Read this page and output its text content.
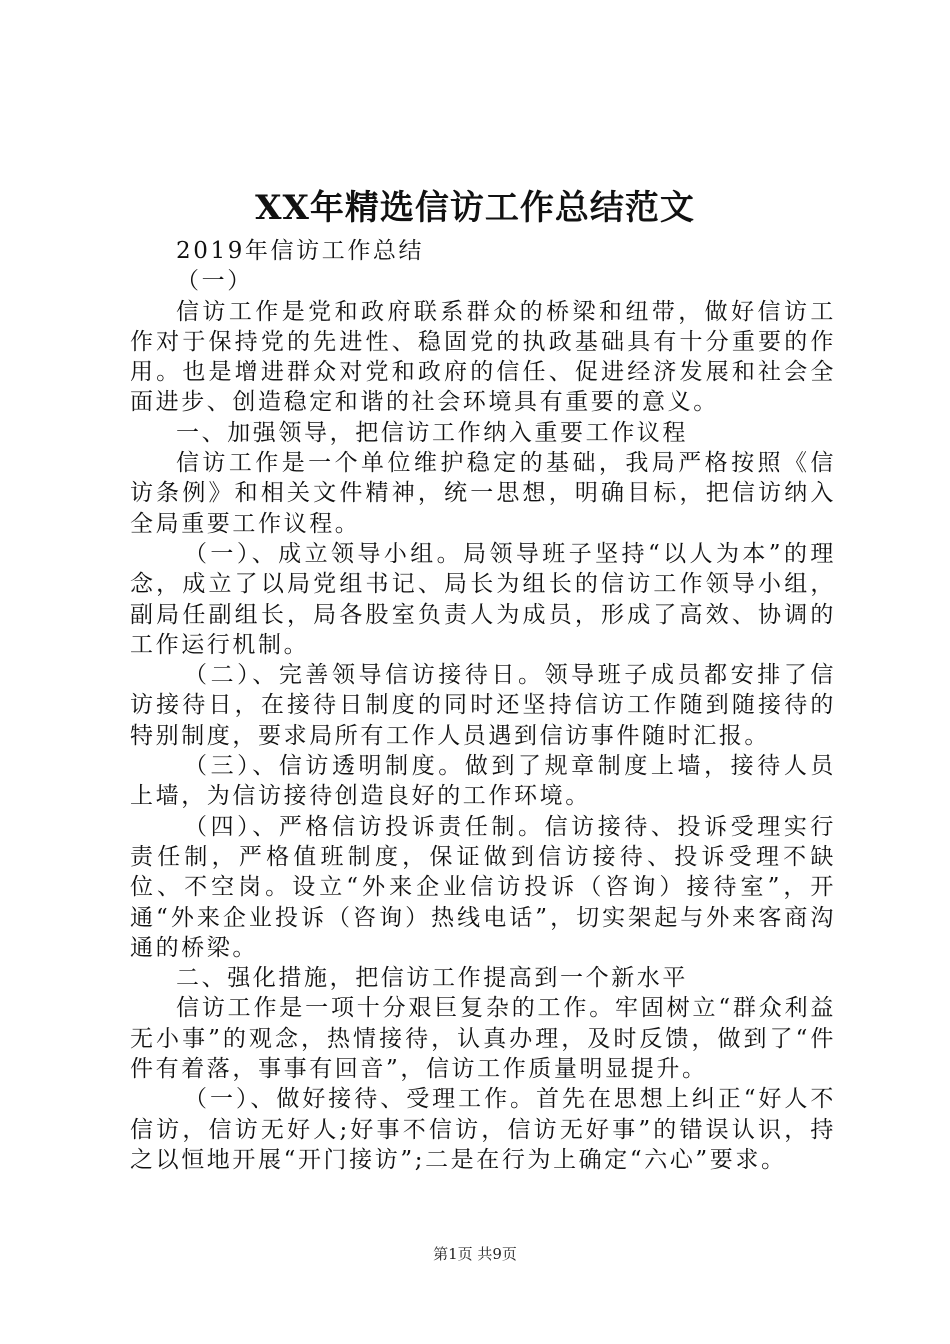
XX年精选信访工作总结范文

2019年信访工作总结

（一）

信访工作是党和政府联系群众的桥梁和纽带，做好信访工作对于保持党的先进性、稳固党的执政基础具有十分重要的作用。也是增进群众对党和政府的信任、促进经济发展和社会全面进步、创造稳定和谐的社会环境具有重要的意义。

一、加强领导，把信访工作纳入重要工作议程

信访工作是一个单位维护稳定的基础，我局严格按照《信访条例》和相关文件精神，统一思想，明确目标，把信访纳入全局重要工作议程。

（一）、成立领导小组。局领导班子坚持“以人为本”的理念，成立了以局党组书记、局长为组长的信访工作领导小组，副局任副组长，局各股室负责人为成员，形成了高效、协调的工作运行机制。

（二）、完善领导信访接待日。领导班子成员都安排了信访接待日，在接待日制度的同时还坚持信访工作随到随接待的特别制度，要求局所有工作人员遇到信访事件随时汇报。

（三）、信访透明制度。做到了规章制度上墙，接待人员上墙，为信访接待创造良好的工作环境。

（四）、严格信访投诉责任制。信访接待、投诉受理实行责任制，严格值班制度，保证做到信访接待、投诉受理不缺位、不空岗。设立“外来企业信访投诉（咨询）接待室”，开通“外来企业投诉（咨询）热线电话”，切实架起与外来客商沟通的桥梁。

二、强化措施，把信访工作提高到一个新水平

信访工作是一项十分艰巨复杂的工作。牢固树立“群众利益无小事”的观念，热情接待，认真办理，及时反馈，做到了“件件有着落，事事有回音”，信访工作质量明显提升。

（一）、做好接待、受理工作。首先在思想上纠正“好人不信访，信访无好人;好事不信访，信访无好事”的错误认识，持之以恒地开展“开门接访”;二是在行为上确定“六心”要求。

第1页 共9页
